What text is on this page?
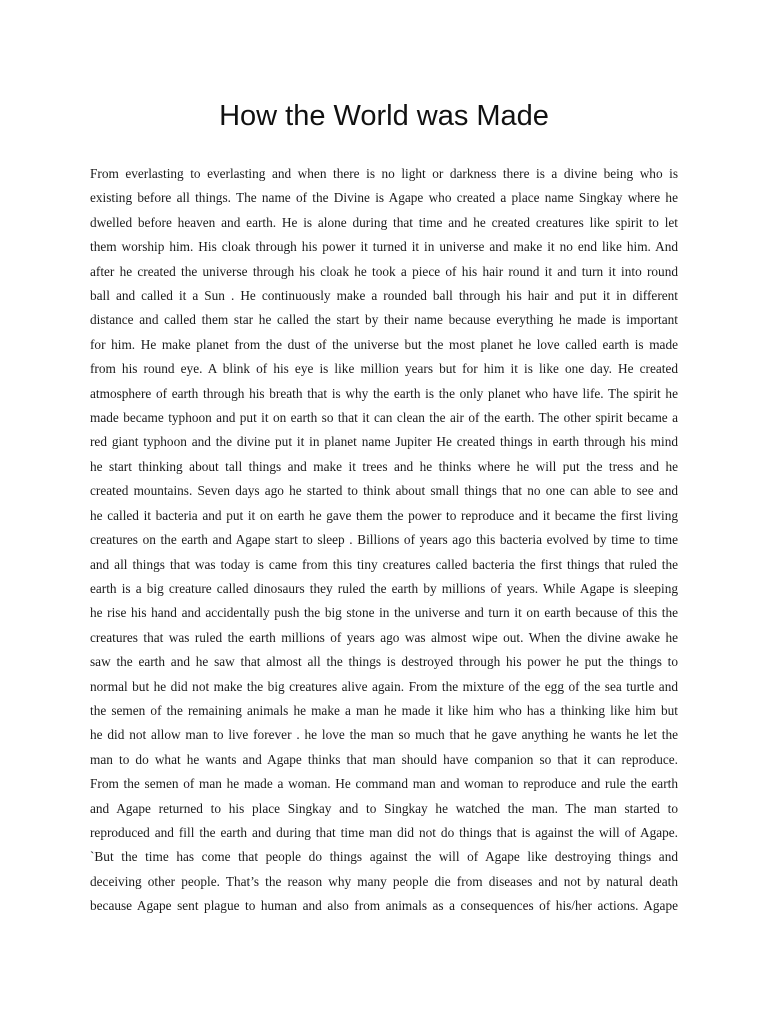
How the World was Made
From everlasting to everlasting and when there is no light or darkness there is a divine being who is
existing before all things. The name of the Divine is Agape who created a place name Singkay where he
dwelled before heaven and earth. He is alone during that time and he created creatures like spirit to let
them worship him. His cloak through his power it turned it in universe and make it no end like him. And
after he created the universe through his cloak he took a piece of his hair round it and turn it into round
ball and called it a Sun . He continuously make a rounded ball through his hair and put it in different
distance and called them star he called the start by their name because everything he made is important
for him. He make planet from the dust of the universe but the most planet he love called earth is made
from his round eye. A blink of his eye is like million years but for him it is like one day. He created
atmosphere of earth through his breath that is why the earth is the only planet who have life. The spirit he
made became typhoon and put it on earth so that it can clean the air of the earth. The other spirit became a
red giant typhoon and the divine put it in planet name Jupiter He created things in earth through his mind
he start thinking about tall things and make it trees and he thinks where he will put the tress and he
created mountains. Seven days ago he started to think about small things that no one can able to see and
he called it bacteria and put it on earth he gave them the power to reproduce and it became the first living
creatures on the earth and Agape start to sleep . Billions of years ago this bacteria evolved by time to time
and all things that was today is came from this tiny creatures called bacteria the first things that ruled the
earth is a big creature called dinosaurs they ruled the earth by millions of years. While Agape is sleeping
he rise his hand and accidentally push the big stone in the universe and turn it on earth because of this the
creatures that was ruled the earth millions of years ago was almost wipe out. When the divine awake he
saw the earth and he saw that almost all the things is destroyed through his power he put the things to
normal but he did not make the big creatures alive again. From the mixture of the egg of the sea turtle and
the semen of the remaining animals he make a man he made it like him who has a thinking like him but
he did not allow man to live forever . he love the man so much that he gave anything he wants he let the
man to do what he wants and Agape thinks that man should have companion so that it can reproduce.
From the semen of man he made a woman. He command man and woman to reproduce and rule the earth
and Agape returned to his place Singkay and to Singkay he watched the man. The man started to
reproduced and fill the earth and during that time man did not do things that is against the will of Agape.
`But the time has come that people do things against the will of Agape like destroying things and
deceiving other people. That’s the reason why many people die from diseases and not by natural death
because Agape sent plague to human and also from animals as a consequences of his/her actions. Agape
